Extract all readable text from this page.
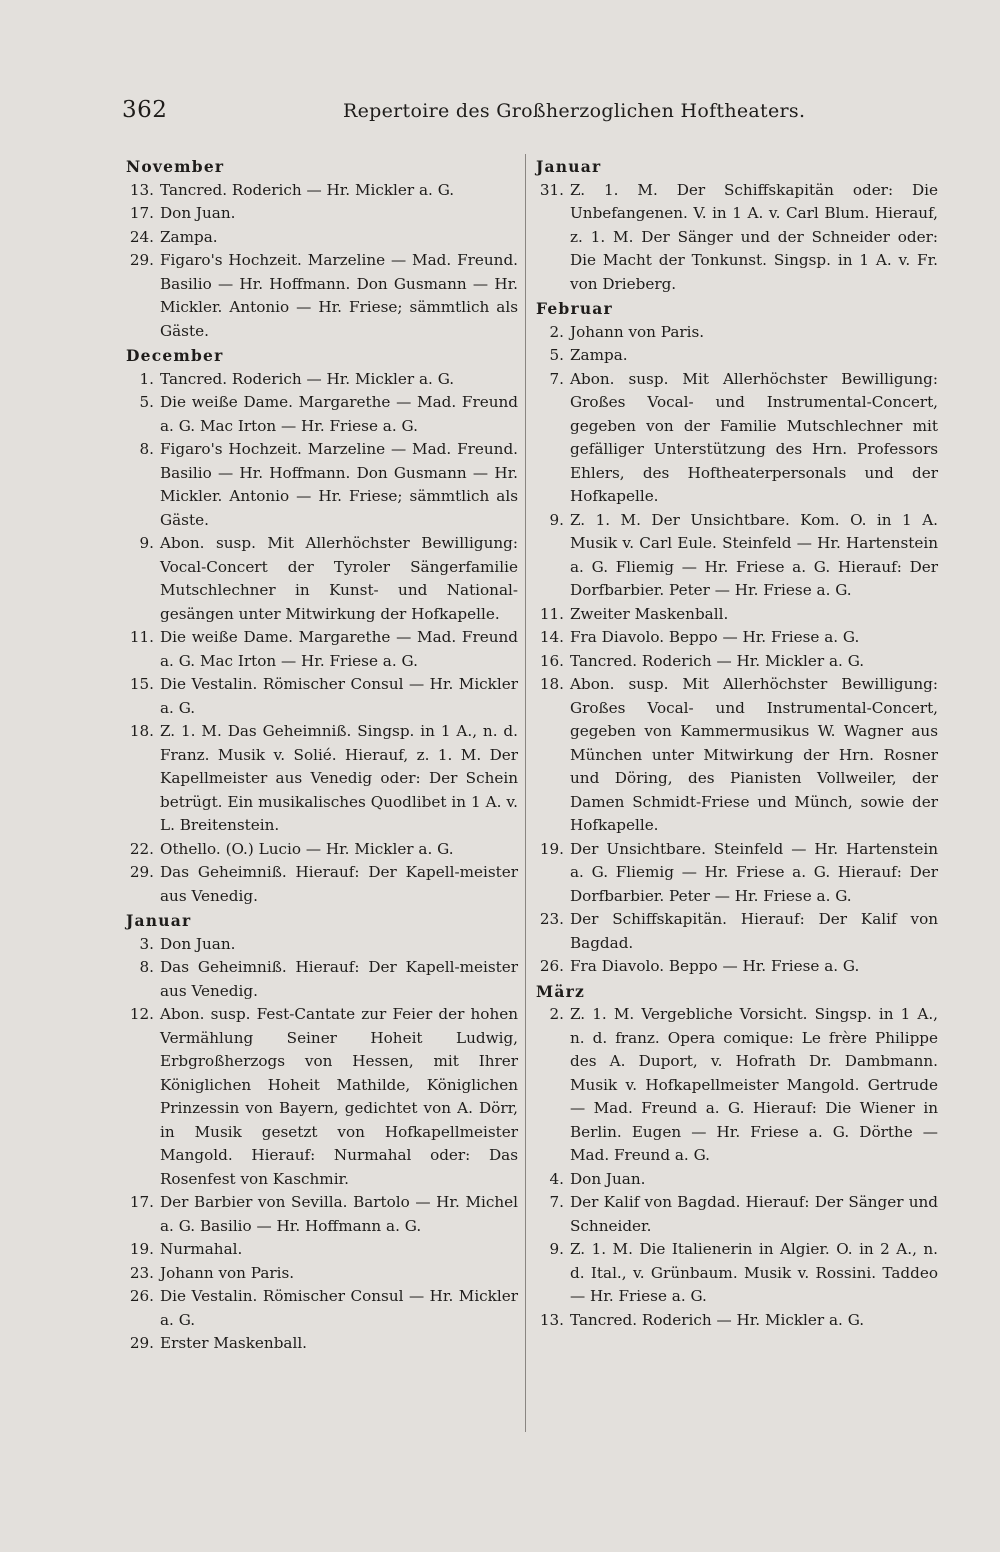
362	Repertoire des Großherzoglichen Hoftheaters.
November
13. Tancred. Roderich — Hr. Mickler a. G.
17. Don Juan.
24. Zampa.
29. Figaro's Hochzeit. Marzeline — Mad. Freund. Basilio — Hr. Hoffmann. Don Gusmann — Hr. Mickler. Antonio — Hr. Friese; sämmtlich als Gäste.
December
1. Tancred. Roderich — Hr. Mickler a. G.
5. Die weiße Dame. Margarethe — Mad. Freund a. G. Mac Irton — Hr. Friese a. G.
8. Figaro's Hochzeit. Marzeline — Mad. Freund. Basilio — Hr. Hoffmann. Don Gusmann — Hr. Mickler. Antonio — Hr. Friese; sämmtlich als Gäste.
9. Abon. susp. Mit Allerhöchster Bewilligung: Vocal-Concert der Tyroler Sängerfamilie Mutschlechner in Kunst- und National-gesängen unter Mitwirkung der Hofkapelle.
11. Die weiße Dame. Margarethe — Mad. Freund a. G. Mac Irton — Hr. Friese a. G.
15. Die Vestalin. Römischer Consul — Hr. Mickler a. G.
18. Z. 1. M. Das Geheimniß. Singsp. in 1 A., n. d. Franz. Musik v. Solié. Hierauf, z. 1. M. Der Kapellmeister aus Venedig oder: Der Schein betrügt. Ein musikalisches Quodlibet in 1 A. v. L. Breitenstein.
22. Othello. (O.) Lucio — Hr. Mickler a. G.
29. Das Geheimniß. Hierauf: Der Kapell-meister aus Venedig.
Januar
3. Don Juan.
8. Das Geheimniß. Hierauf: Der Kapell-meister aus Venedig.
12. Abon. susp. Fest-Cantate zur Feier der hohen Vermählung Seiner Hoheit Ludwig, Erbgroßherzogs von Hessen, mit Ihrer Königlichen Hoheit Mathilde, Königlichen Prinzessin von Bayern, gedichtet von A. Dörr, in Musik gesetzt von Hofkapellmeister Mangold. Hierauf: Nurmahal oder: Das Rosenfest von Kaschmir.
17. Der Barbier von Sevilla. Bartolo — Hr. Michel a. G. Basilio — Hr. Hoffmann a. G.
19. Nurmahal.
23. Johann von Paris.
26. Die Vestalin. Römischer Consul — Hr. Mickler a. G.
29. Erster Maskenball.
Januar
31. Z. 1. M. Der Schiffskapitän oder: Die Unbefangenen. V. in 1 A. v. Carl Blum. Hierauf, z. 1. M. Der Sänger und der Schneider oder: Die Macht der Tonkunst. Singsp. in 1 A. v. Fr. von Drieberg.
Februar
2. Johann von Paris.
5. Zampa.
7. Abon. susp. Mit Allerhöchster Bewilligung: Großes Vocal- und Instrumental-Concert, gegeben von der Familie Mutschlechner mit gefälliger Unterstützung des Hrn. Professors Ehlers, des Hoftheaterpersonals und der Hofkapelle.
9. Z. 1. M. Der Unsichtbare. Kom. O. in 1 A. Musik v. Carl Eule. Steinfeld — Hr. Hartenstein a. G. Fliemig — Hr. Friese a. G. Hierauf: Der Dorfbarbier. Peter — Hr. Friese a. G.
11. Zweiter Maskenball.
14. Fra Diavolo. Beppo — Hr. Friese a. G.
16. Tancred. Roderich — Hr. Mickler a. G.
18. Abon. susp. Mit Allerhöchster Bewilligung: Großes Vocal- und Instrumental-Concert, gegeben von Kammermusikus W. Wagner aus München unter Mitwirkung der Hrn. Rosner und Döring, des Pianisten Vollweiler, der Damen Schmidt-Friese und Münch, sowie der Hofkapelle.
19. Der Unsichtbare. Steinfeld — Hr. Hartenstein a. G. Fliemig — Hr. Friese a. G. Hierauf: Der Dorfbarbier. Peter — Hr. Friese a. G.
23. Der Schiffskapitän. Hierauf: Der Kalif von Bagdad.
26. Fra Diavolo. Beppo — Hr. Friese a. G.
März
2. Z. 1. M. Vergebliche Vorsicht. Singsp. in 1 A., n. d. franz. Opera comique: Le frère Philippe des A. Duport, v. Hofrath Dr. Dambmann. Musik v. Hofkapellmeister Mangold. Gertrude — Mad. Freund a. G. Hierauf: Die Wiener in Berlin. Eugen — Hr. Friese a. G. Dörthe — Mad. Freund a. G.
4. Don Juan.
7. Der Kalif von Bagdad. Hierauf: Der Sänger und Schneider.
9. Z. 1. M. Die Italienerin in Algier. O. in 2 A., n. d. Ital., v. Grünbaum. Musik v. Rossini. Taddeo — Hr. Friese a. G.
13. Tancred. Roderich — Hr. Mickler a. G.
